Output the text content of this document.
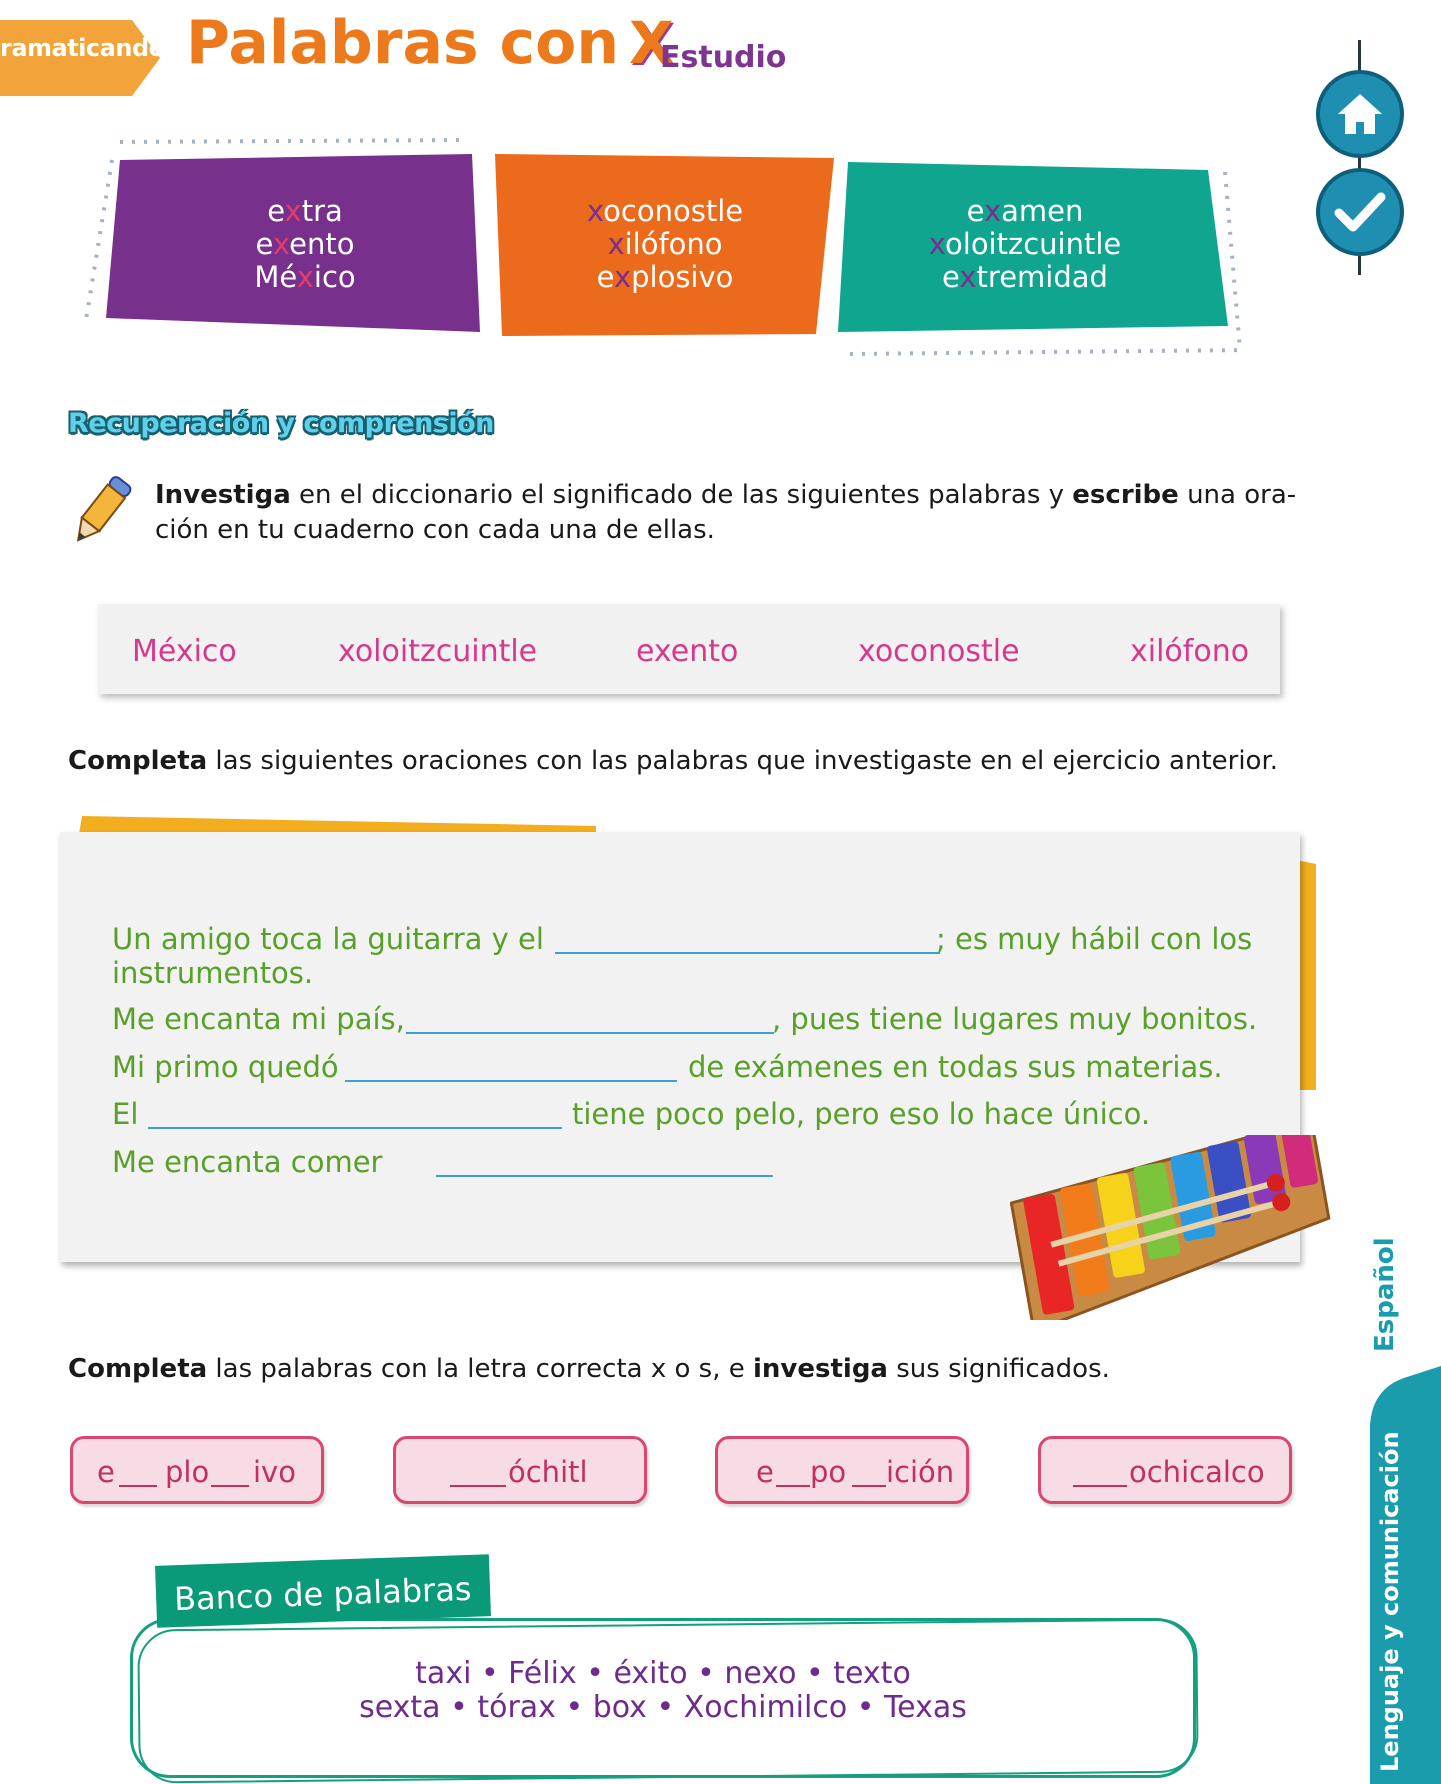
ramaticando Palabras con X
Estudio
extra
exento
México
xoconostle
xilófono
explosivo
examen
xoloitzcuintle
extremidad
Recuperación y comprensión
Investiga en el diccionario el significado de las siguientes palabras y escribe una ora-
ción en tu cuaderno con cada una de ellas.
México	xoloitzcuintle	exento	xoconostle	xilófono
Completa las siguientes oraciones con las palabras que investigaste en el ejercicio anterior.
Un amigo toca la guitarra y el	; es muy hábil con los
instrumentos.
Me encanta mi país,	, pues tiene lugares muy bonitos.
Mi primo quedó	de exámenes en todas sus materias.
El	tiene poco pelo, pero eso lo hace único.
Me encanta comer
Completa las palabras con la letra correcta x o s, e investiga sus significados.
e plo ivo	óchitl	e po ición	ochicalco
Banco de palabras
taxi • Félix • éxito • nexo • texto
sexta • tórax • box • Xochimilco • Texas
Español
Lenguaje y comunicación
